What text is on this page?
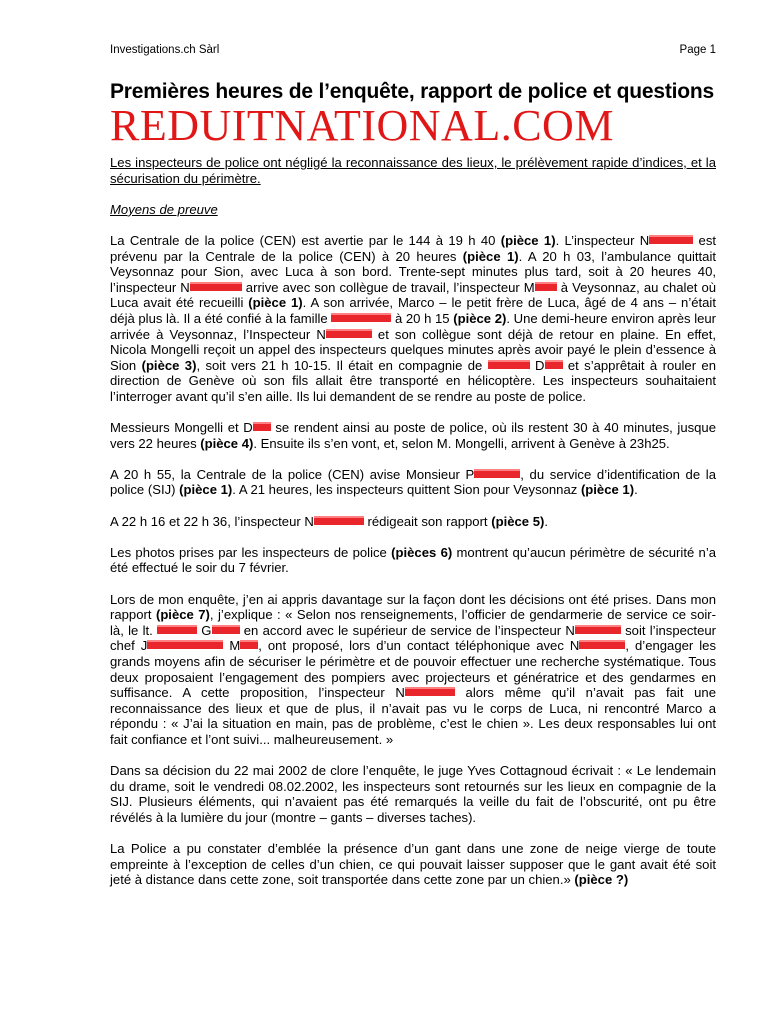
Investigations.ch Sàrl	Page 1
Premières heures de l’enquête, rapport de police et questions
REDUITNATIONAL.COM

Les inspecteurs de police ont négligé la reconnaissance des lieux, le prélèvement rapide d’indices, et la sécurisation du périmètre.

Moyens de preuve

La Centrale de la police (CEN) est avertie par le 144 à 19 h 40 (pièce 1). L’inspecteur N	est prévenu par la Centrale de la police (CEN) à 20 heures (pièce 1). A 20 h 03, l’ambulance quittait Veysonnaz pour Sion, avec Luca à son bord. Trente-sept minutes plus tard, soit à 20 heures 40, l’inspecteur N	arrive avec son collègue de travail, l’inspecteur M à Veysonnaz, au chalet où Luca avait été recueilli (pièce 1). A son arrivée, Marco – le petit frère de Luca, âgé de 4 ans – n’était déjà plus là. Il a été confié à la famille	à 20 h 15 (pièce 2). Une demi-heure environ après leur arrivée à Veysonnaz, l’Inspecteur N	et son collègue sont déjà de retour en plaine. En effet, Nicola Mongelli reçoit un appel des inspecteurs quelques minutes après avoir payé le plein d’essence à Sion (pièce 3), soit vers 21 h 10-15. Il était en compagnie de	D et s’apprêtait à rouler en direction de Genève où son fils allait être transporté en hélicoptère. Les inspecteurs souhaitaient l’interroger avant qu’il s’en aille. Ils lui demandent de se rendre au poste de police.

Messieurs Mongelli et D se rendent ainsi au poste de police, où ils restent 30 à 40 minutes, jusque vers 22 heures (pièce 4). Ensuite ils s’en vont, et, selon M. Mongelli, arrivent à Genève à 23h25.

A 20 h 55, la Centrale de la police (CEN) avise Monsieur P	, du service d’identification de la police (SIJ) (pièce 1). A 21 heures, les inspecteurs quittent Sion pour Veysonnaz (pièce 1).

A 22 h 16 et 22 h 36, l’inspecteur N	rédigeait son rapport (pièce 5).

Les photos prises par les inspecteurs de police (pièces 6) montrent qu’aucun périmètre de sécurité n’a été effectué le soir du 7 février.

Lors de mon enquête, j’en ai appris davantage sur la façon dont les décisions ont été prises. Dans mon rapport (pièce 7), j’explique : « Selon nos renseignements, l’officier de gendarmerie de service ce soir-là, le lt.	G en accord avec le supérieur de service de l’inspecteur N	soit l’inspecteur chef J	M , ont proposé, lors d’un contact téléphonique avec N	, d’engager les grands moyens afin de sécuriser le périmètre et de pouvoir effectuer une recherche systématique. Tous deux proposaient l’engagement des pompiers avec projecteurs et génératrice et des gendarmes en suffisance. A cette proposition, l’inspecteur N	alors même qu’il n’avait pas fait une reconnaissance des lieux et que de plus, il n’avait pas vu le corps de Luca, ni rencontré Marco a répondu : « J’ai la situation en main, pas de problème, c’est le chien ». Les deux responsables lui ont fait confiance et l’ont suivi... malheureusement. »

Dans sa décision du 22 mai 2002 de clore l’enquête, le juge Yves Cottagnoud écrivait : « Le lendemain du drame, soit le vendredi 08.02.2002, les inspecteurs sont retournés sur les lieux en compagnie de la SIJ. Plusieurs éléments, qui n’avaient pas été remarqués la veille du fait de l’obscurité, ont pu être révélés à la lumière du jour (montre – gants – diverses taches).

La Police a pu constater d’emblée la présence d’un gant dans une zone de neige vierge de toute empreinte à l’exception de celles d’un chien, ce qui pouvait laisser supposer que le gant avait été soit jeté à distance dans cette zone, soit transportée dans cette zone par un chien.» (pièce ?)
